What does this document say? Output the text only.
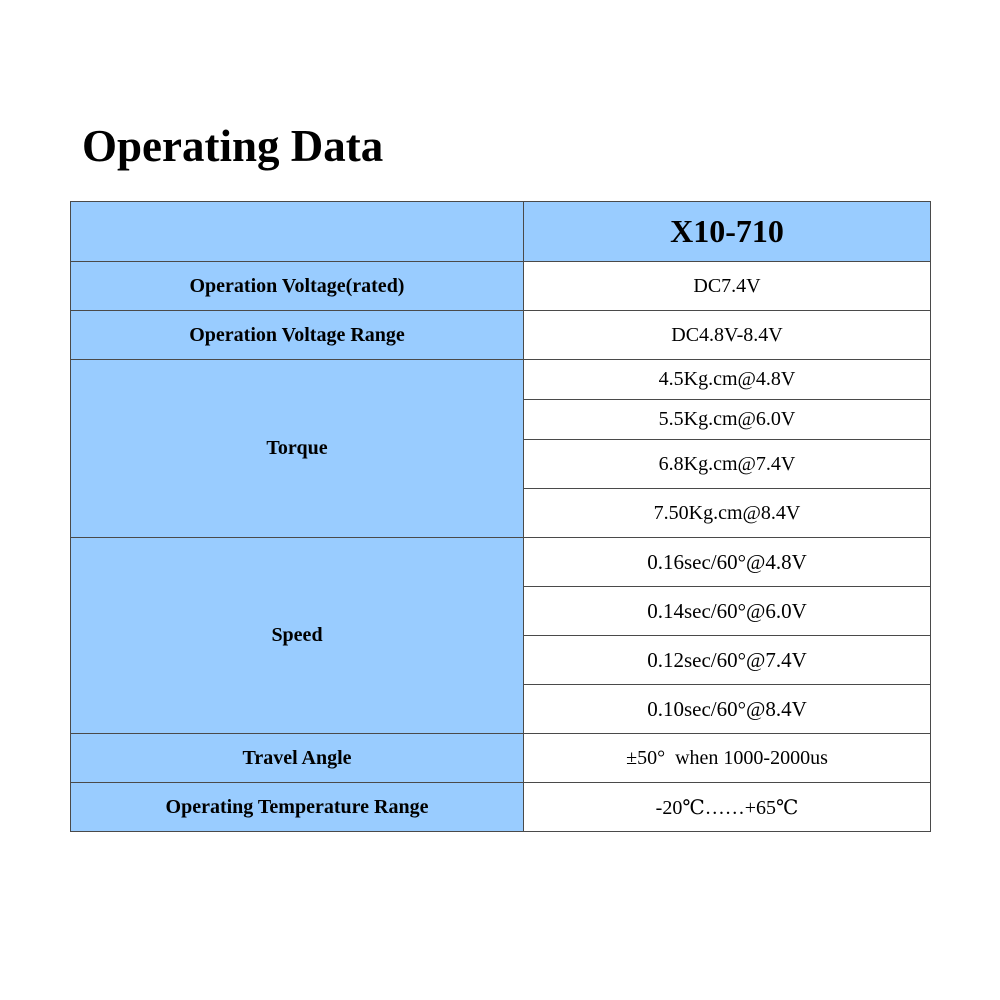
Operating Data
	X10-710
Operation Voltage(rated)	DC7.4V
Operation Voltage Range	DC4.8V-8.4V
Torque	4.5Kg.cm@4.8V
	5.5Kg.cm@6.0V
	6.8Kg.cm@7.4V
	7.50Kg.cm@8.4V
Speed	0.16sec/60°@4.8V
	0.14sec/60°@6.0V
	0.12sec/60°@7.4V
	0.10sec/60°@8.4V
Travel Angle	±50°  when 1000-2000us
Operating Temperature Range	-20℃……+65℃
